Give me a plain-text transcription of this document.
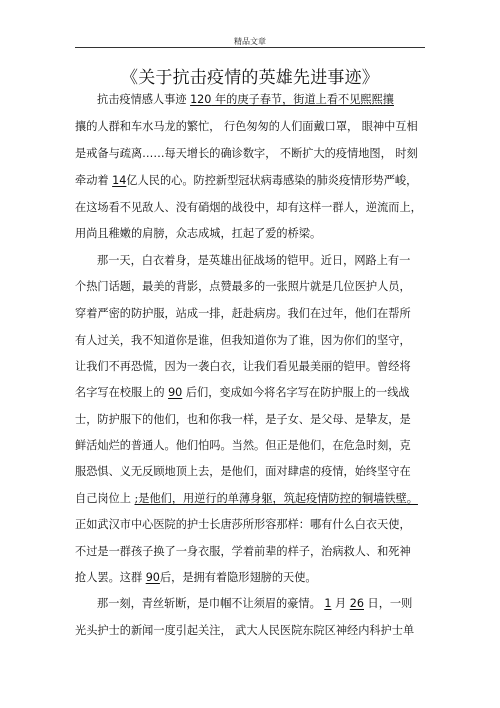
精品文章
《关于抗击疫情的英雄先进事迹》
抗击疫情感人事迹 120 年的庚子春节，街道上看不见熙熙攘
攘的人群和车水马龙的繁忙， 行色匆匆的人们面戴口罩， 眼神中互相
是戒备与疏离……每天增长的确诊数字， 不断扩大的疫情地图， 时刻
牵动着 14亿人民的心。防控新型冠状病毒感染的肺炎疫情形势严峻，
在这场看不见敌人、没有硝烟的战役中，却有这样一群人，逆流而上，
用尚且稚嫩的肩膀，众志成城，扛起了爱的桥梁。
那一天，白衣着身，是英雄出征战场的铠甲。近日，网路上有一
个热门话题，最美的背影，点赞最多的一张照片就是几位医护人员，
穿着严密的防护服，站成一排，赶赴病房。我们在过年，他们在帮所
有人过关，我不知道你是谁，但我知道你为了谁，因为你们的坚守，
让我们不再恐慌，因为一袭白衣，让我们看见最美丽的铠甲。曾经将
名字写在校服上的 90 后们，变成如今将名字写在防护服上的一线战
士，防护服下的他们，也和你我一样，是子女、是父母、是挚友，是
鲜活灿烂的普通人。他们怕吗。当然。但正是他们，在危急时刻，克
服恐惧、义无反顾地顶上去，是他们，面对肆虐的疫情，始终坚守在
自己岗位上 ;是他们，用逆行的单薄身躯，筑起疫情防控的铜墙铁壁。
正如武汉市中心医院的护士长唐莎所形容那样：哪有什么白衣天使，
不过是一群孩子换了一身衣服，学着前辈的样子，治病救人、和死神
抢人罢。这群 90后，是拥有着隐形翅膀的天使。
那一刻，青丝斩断，是巾帼不让须眉的豪情。 1 月 26 日，一则
光头护士的新闻一度引起关注， 武大人民医院东院区神经内科护士单
